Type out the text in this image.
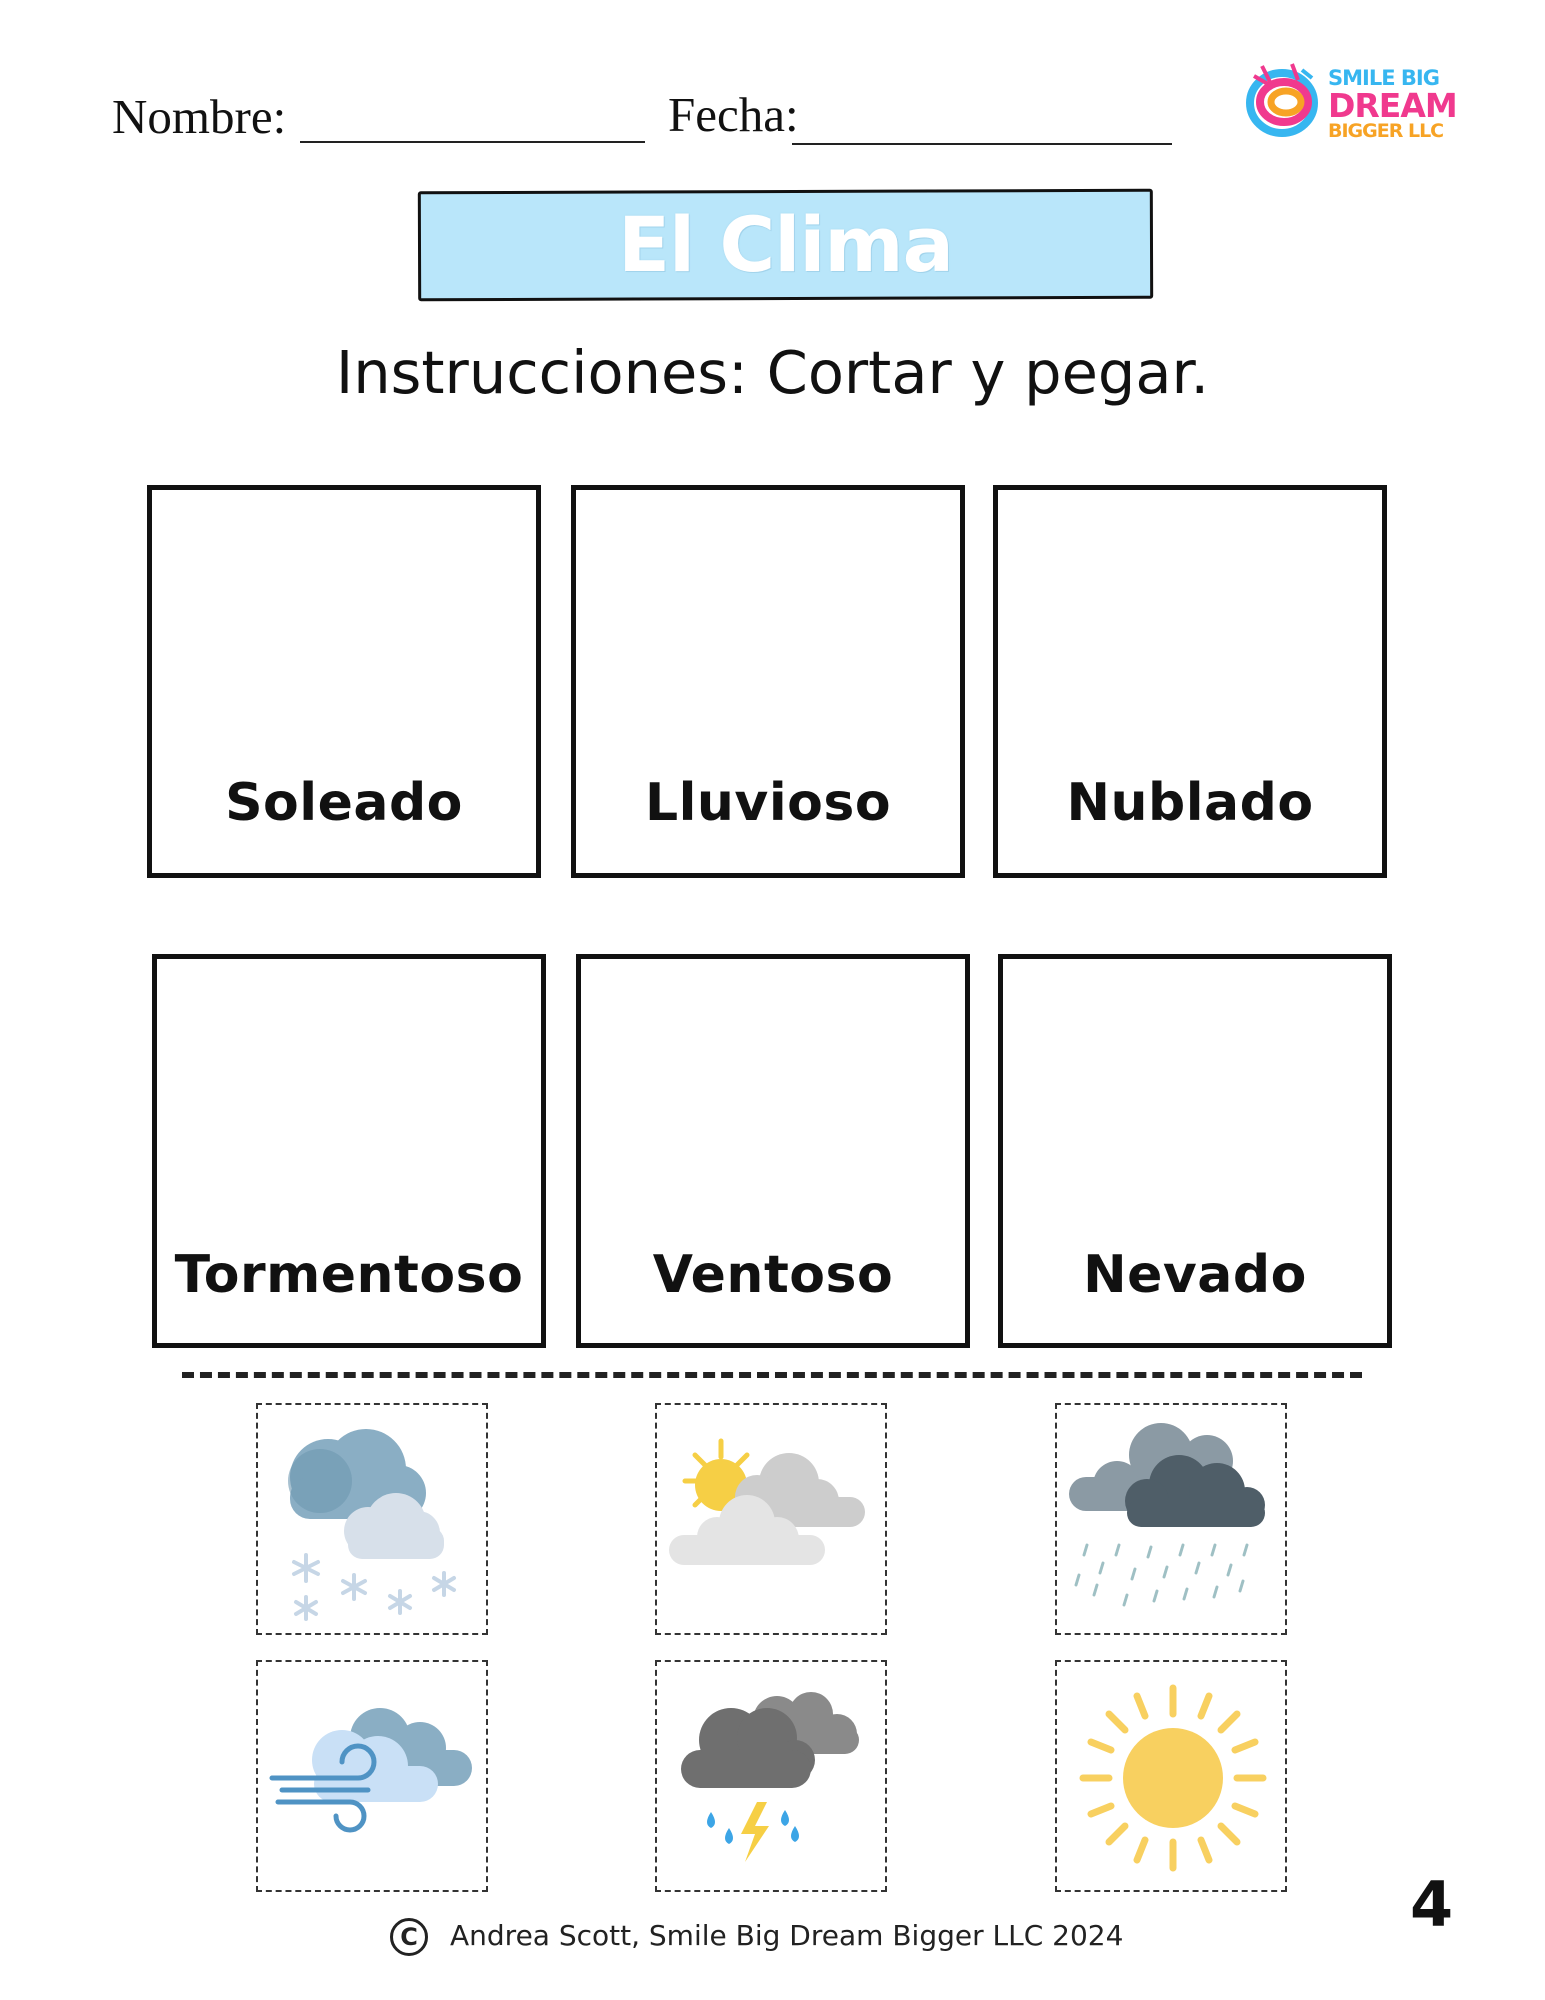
Nombre:	Fecha:
SMILE BIG
DREAM
BIGGER LLC
El Clima
Instrucciones: Cortar y pegar.
Soleado	Lluvioso	Nublado
Tormentoso	Ventoso	Nevado
C Andrea Scott, Smile Big Dream Bigger LLC 2024	4
